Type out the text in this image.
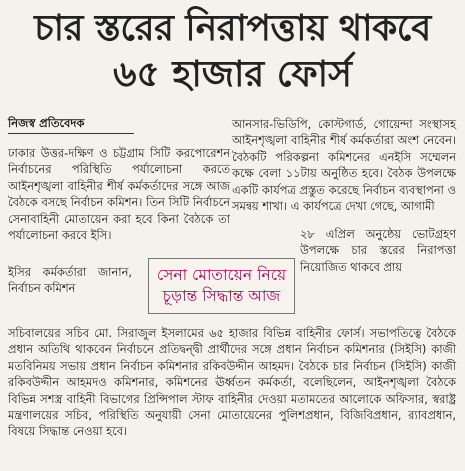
চার স্তরের নিরাপত্তায় থাকবে
৬৫ হাজার ফোর্স
নিজস্ব প্রতিবেদক	আনসার-ভিডিপি, কোস্টগার্ড, গোয়েন্দা সংস্থাসহ আইনশৃঙ্খলা বাহিনীর শীর্ষ কর্মকর্তারা অংশ নেবেন। বৈঠকটি পরিকল্পনা কমিশনের এনইসি সম্মেলন কক্ষে বেলা ১১টায় অনুষ্ঠিত হবে। বৈঠক উপলক্ষে একটি কার্যপত্র প্রস্তুত করেছে নির্বাচন ব্যবস্থাপনা ও সমন্বয় শাখা। এ কার্যপত্রে দেখা গেছে, আগামী

ঢাকার উত্তর-দক্ষিণ ও চট্টগ্রাম সিটি করপোরেশন নির্বাচনের পরিস্থিতি পর্যালোচনা করতে আইনশৃঙ্খলা বাহিনীর শীর্ষ কর্মকর্তাদের সঙ্গে আজ বৈঠকে বসছে নির্বাচন কমিশন। তিন সিটি নির্বাচনে সেনাবাহিনী মোতায়েন করা হবে কিনা বৈঠকে তা পর্যালোচনা করবে ইসি।

ইসির কর্মকর্তারা জানান, নির্বাচন কমিশন

সেনা মোতায়েন নিয়ে
চূড়ান্ত সিদ্ধান্ত আজ

২৮ এপ্রিল অনুষ্ঠেয় ভোটগ্রহণ উপলক্ষে চার স্তরের নিরাপত্তা নিয়োজিত থাকবে প্রায়

সচিবালয়ের সচিব মো. সিরাজুল ইসলামের ৬৫ হাজার বিভিন্ন বাহিনীর ফোর্স। সভাপতিত্বে বৈঠকে প্রধান অতিথি থাকবেন নির্বাচনে প্রতিদ্বন্দ্বী প্রার্থীদের সঙ্গে প্রধান নির্বাচন কমিশনার (সিইসি) কাজী মতবিনিময় সভায় প্রধান নির্বাচন কমিশনার রকিবউদ্দীন আহমদ। বৈঠকে চার নির্বাচন (সিইসি) কাজী রকিবউদ্দীন আহমদও কমিশনার, কমিশনের ঊর্ধ্বতন কর্মকর্তা, বলেছিলেন, আইনশৃঙ্খলা বৈঠকে বিভিন্ন সশস্ত্র বাহিনী বিভাগের প্রিন্সিপাল স্টাফ বাহিনীর দেওয়া মতামতের আলোকে অফিসার, স্বরাষ্ট্র মন্ত্রণালয়ের সচিব, পরিস্থিতি অনুযায়ী সেনা মোতায়েনের পুলিশপ্রধান, বিজিবিপ্রধান, র‍্যাবপ্রধান, বিষয়ে সিদ্ধান্ত নেওয়া হবে।
